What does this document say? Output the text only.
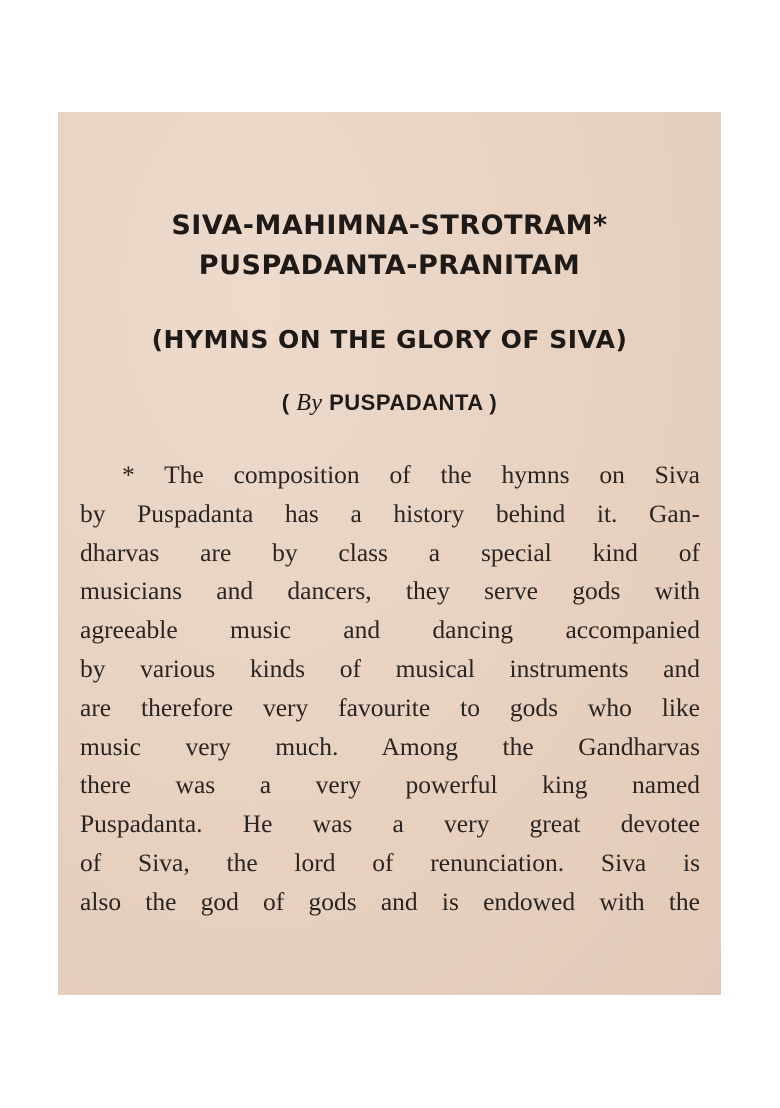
SIVA-MAHIMNA-STROTRAM*
PUSPADANTA-PRANITAM
(HYMNS ON THE GLORY OF SIVA)
( By PUSPADANTA )
* The composition of the hymns on Siva
by Puspadanta has a history behind it. Gan-
dharvas are by class a special kind of
musicians and dancers, they serve gods with
agreeable music and dancing accompanied
by various kinds of musical instruments and
are therefore very favourite to gods who like
music very much. Among the Gandharvas
there was a very powerful king named
Puspadanta. He was a very great devotee
of Siva, the lord of renunciation. Siva is
also the god of gods and is endowed with the
